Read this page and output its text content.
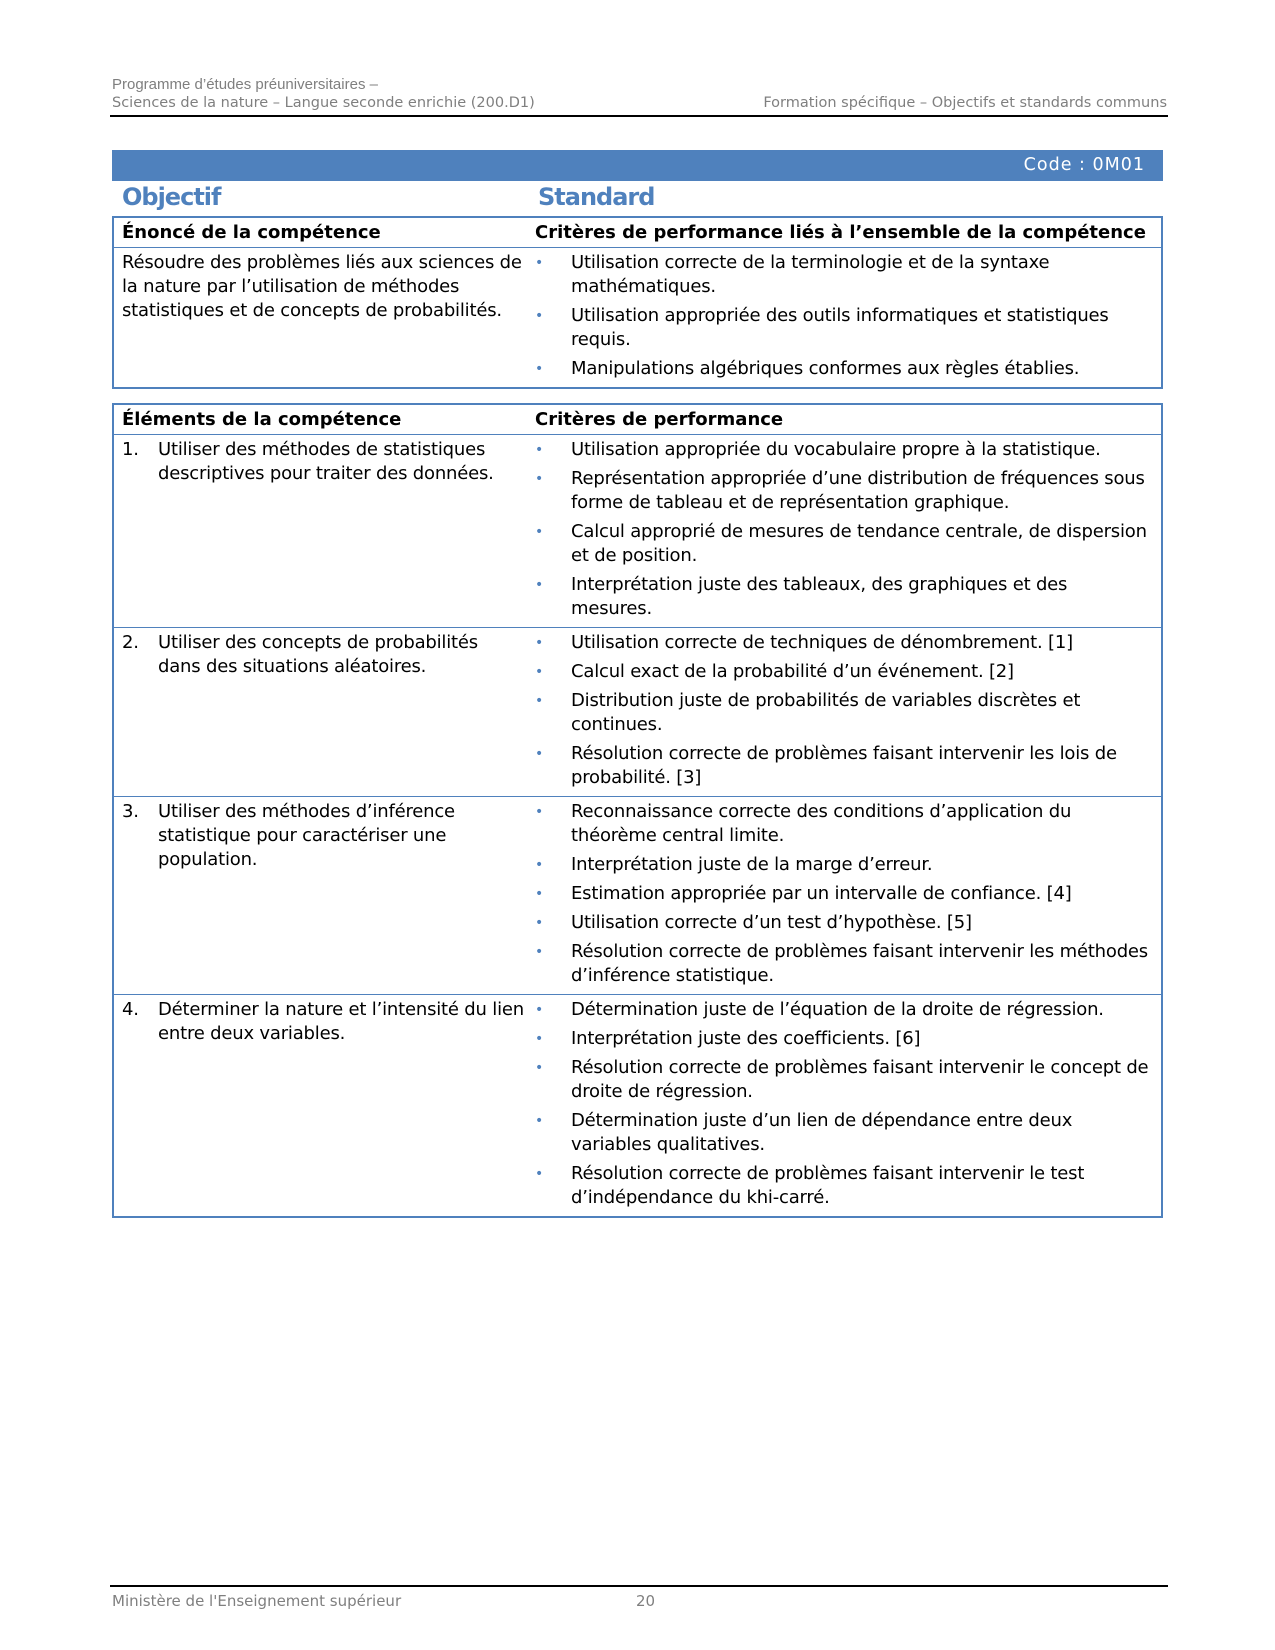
Programme d’études préuniversitaires –
Sciences de la nature – Langue seconde enrichie (200.D1)	Formation spécifique – Objectifs et standards communs
Code : 0M01
Objectif	Standard
Énoncé de la compétence	Critères de performance liés à l’ensemble de la compétence
Résoudre des problèmes liés aux sciences de la nature par l’utilisation de méthodes statistiques et de concepts de probabilités.
•	Utilisation correcte de la terminologie et de la syntaxe mathématiques.
•	Utilisation appropriée des outils informatiques et statistiques requis.
•	Manipulations algébriques conformes aux règles établies.
Éléments de la compétence	Critères de performance
1.	Utiliser des méthodes de statistiques descriptives pour traiter des données.
•	Utilisation appropriée du vocabulaire propre à la statistique.
•	Représentation appropriée d’une distribution de fréquences sous forme de tableau et de représentation graphique.
•	Calcul approprié de mesures de tendance centrale, de dispersion et de position.
•	Interprétation juste des tableaux, des graphiques et des mesures.
2.	Utiliser des concepts de probabilités dans des situations aléatoires.
•	Utilisation correcte de techniques de dénombrement. [1]
•	Calcul exact de la probabilité d’un événement. [2]
•	Distribution juste de probabilités de variables discrètes et continues.
•	Résolution correcte de problèmes faisant intervenir les lois de probabilité. [3]
3.	Utiliser des méthodes d’inférence statistique pour caractériser une population.
•	Reconnaissance correcte des conditions d’application du théorème central limite.
•	Interprétation juste de la marge d’erreur.
•	Estimation appropriée par un intervalle de confiance. [4]
•	Utilisation correcte d’un test d’hypothèse. [5]
•	Résolution correcte de problèmes faisant intervenir les méthodes d’inférence statistique.
4.	Déterminer la nature et l’intensité du lien entre deux variables.
•	Détermination juste de l’équation de la droite de régression.
•	Interprétation juste des coefficients. [6]
•	Résolution correcte de problèmes faisant intervenir le concept de droite de régression.
•	Détermination juste d’un lien de dépendance entre deux variables qualitatives.
•	Résolution correcte de problèmes faisant intervenir le test d’indépendance du khi-carré.
Ministère de l'Enseignement supérieur	20
